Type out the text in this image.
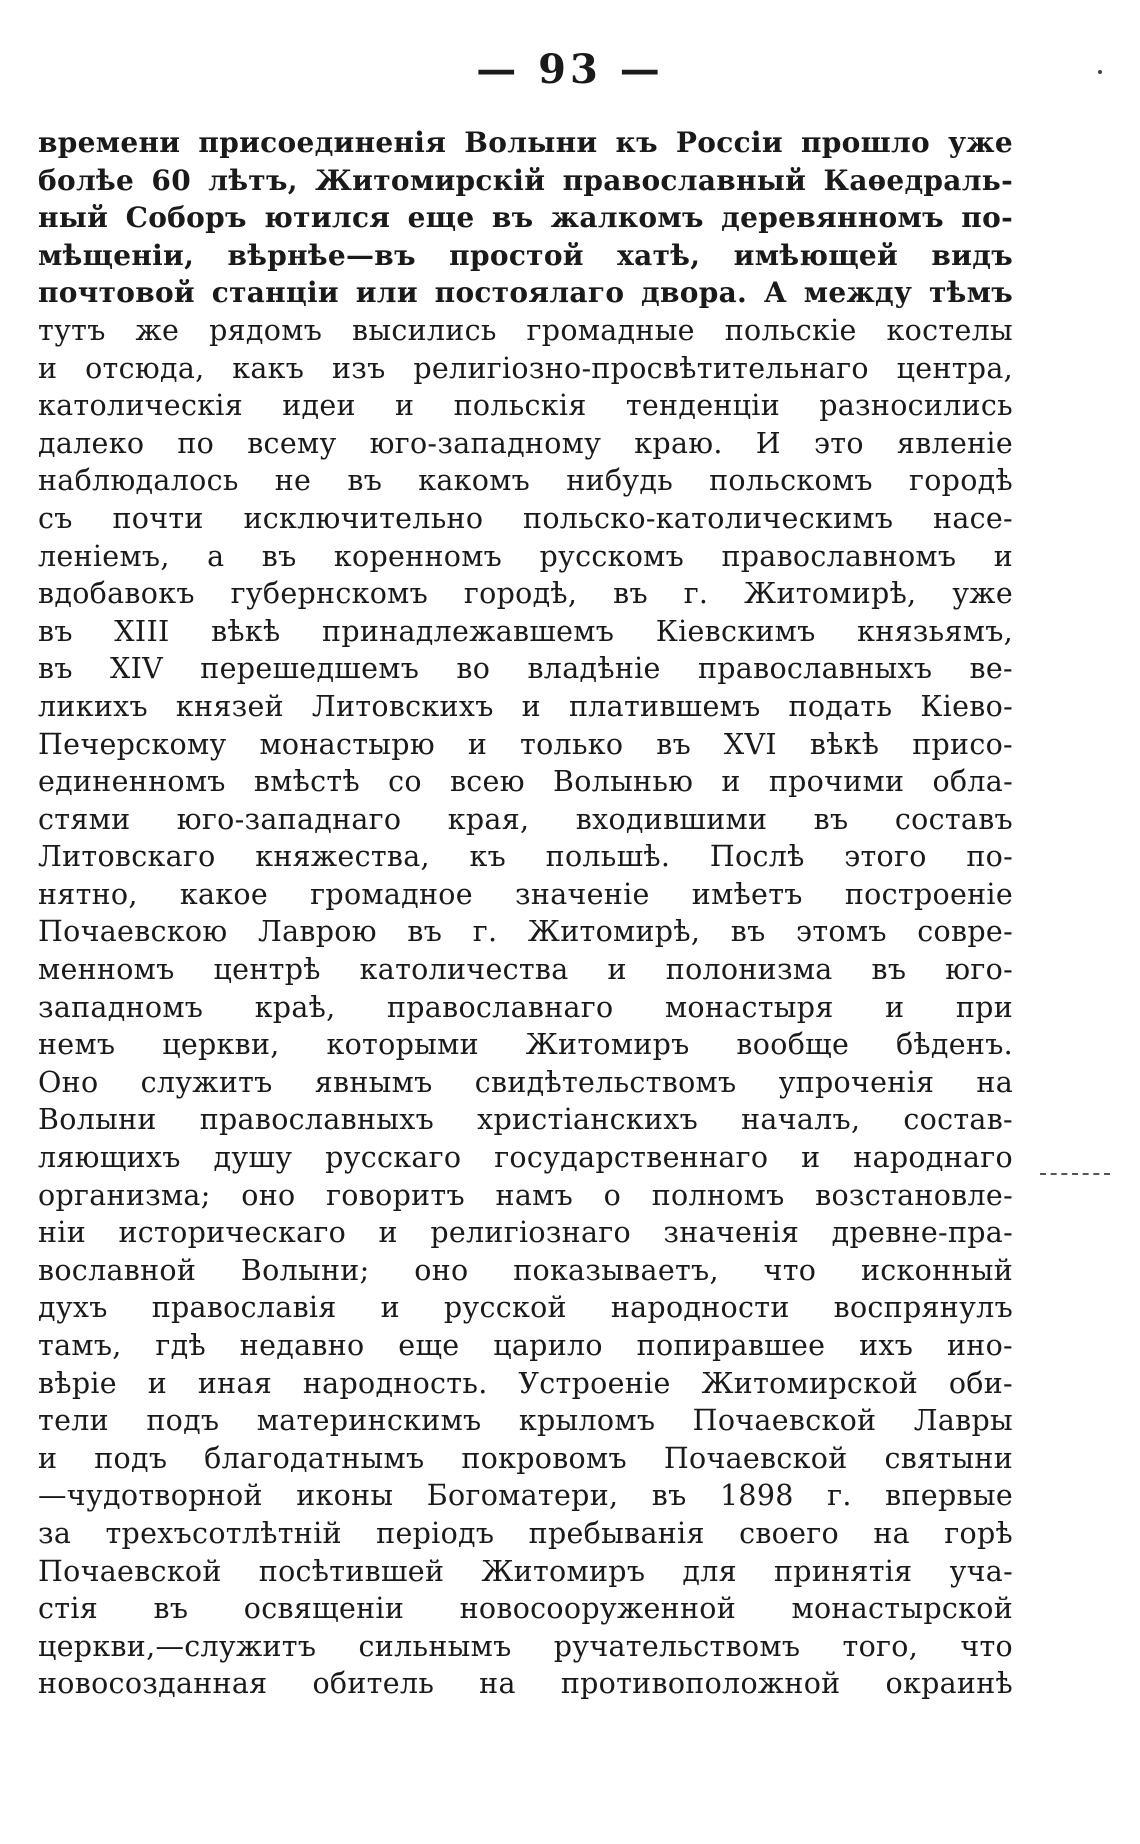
— 93 —
времени присоединенія Волыни къ Россіи прошло уже
болѣе 60 лѣтъ, Житомирскій православный Каѳедраль-
ный Соборъ ютился еще въ жалкомъ деревянномъ по-
мѣщеніи, вѣрнѣе—въ простой хатѣ, имѣющей видъ
почтовой станціи или постоялаго двора. А между тѣмъ
тутъ же рядомъ высились громадные польскіе костелы
и отсюда, какъ изъ религіозно-просвѣтительнаго центра,
католическія идеи и польскія тенденціи разносились
далеко по всему юго-западному краю. И это явленіе
наблюдалось не въ какомъ нибудь польскомъ городѣ
съ почти исключительно польско-католическимъ насе-
леніемъ, а въ коренномъ русскомъ православномъ и
вдобавокъ губернскомъ городѣ, въ г. Житомирѣ, уже
въ XIII вѣкѣ принадлежавшемъ Кіевскимъ князьямъ,
въ XIV перешедшемъ во владѣніе православныхъ ве-
ликихъ князей Литовскихъ и платившемъ подать Кіево-
Печерскому монастырю и только въ XVI вѣкѣ присо-
единенномъ вмѣстѣ со всею Волынью и прочими обла-
стями юго-западнаго края, входившими въ составъ
Литовскаго княжества, къ польшѣ. Послѣ этого по-
нятно, какое громадное значеніе имѣетъ построеніе
Почаевскою Лаврою въ г. Житомирѣ, въ этомъ совре-
менномъ центрѣ католичества и полонизма въ юго-
западномъ краѣ, православнаго монастыря и при
немъ церкви, которыми Житомиръ вообще бѣденъ.
Оно служитъ явнымъ свидѣтельствомъ упроченія на
Волыни православныхъ христіанскихъ началъ, состав-
ляющихъ душу русскаго государственнаго и народнаго
организма; оно говоритъ намъ о полномъ возстановле-
ніи историческаго и религіознаго значенія древне-пра-
вославной Волыни; оно показываетъ, что исконный
духъ православія и русской народности воспрянулъ
тамъ, гдѣ недавно еще царило попиравшее ихъ ино-
вѣріе и иная народность. Устроеніе Житомирской оби-
тели подъ материнскимъ крыломъ Почаевской Лавры
и подъ благодатнымъ покровомъ Почаевской святыни
—чудотворной иконы Богоматери, въ 1898 г. впервые
за трехъсотлѣтній періодъ пребыванія своего на горѣ
Почаевской посѣтившей Житомиръ для принятія уча-
стія въ освященіи новосооруженной монастырской
церкви,—служитъ сильнымъ ручательствомъ того, что
новосозданная обитель на противоположной окраинѣ
